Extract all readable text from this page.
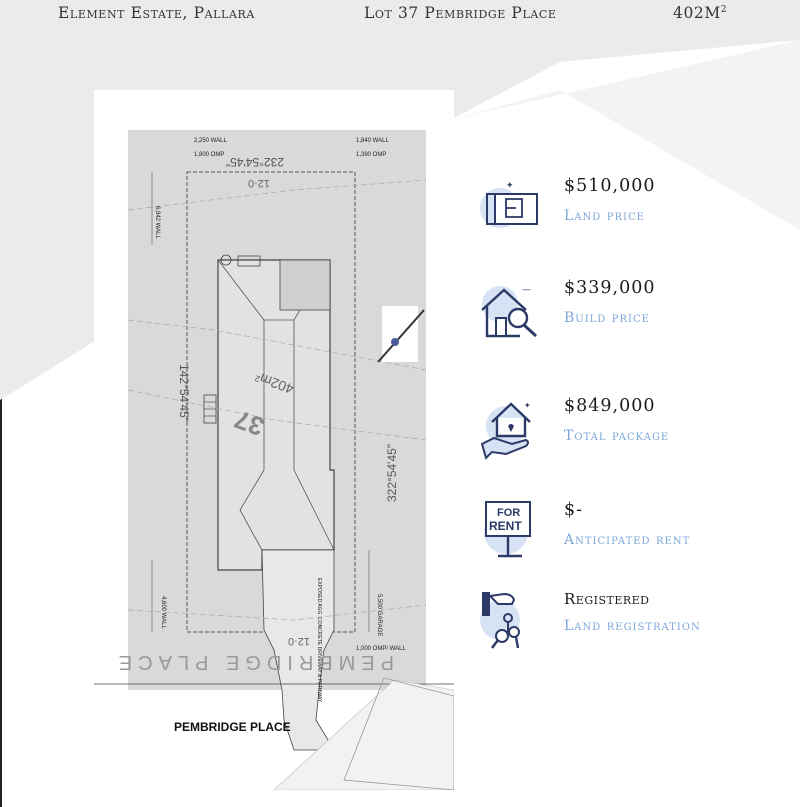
Element Estate, Pallara	Lot 37 Pembridge Place	$402M^2$
2,250 WALL
1,800 OMP
1,840 WALL
1,390 OMP
232°54'45"
12·0
6,842 WALL
142°54'45"
322°54'45"
37
402m²
EXPOSED AGG. CONCRETE DRIVEWAY & PATHWAY	5,500 GARAGE
4,600 WALL
1,000 OMP/ WALL
12·0
PEMBRIDGE PLACE
PEMBRIDGE PLACE
✦	$510,000
Land price
— $339,000
Build price
✦ $849,000
Total package
FOR
RENT
$-
Anticipated rent
Registered
Land registration
